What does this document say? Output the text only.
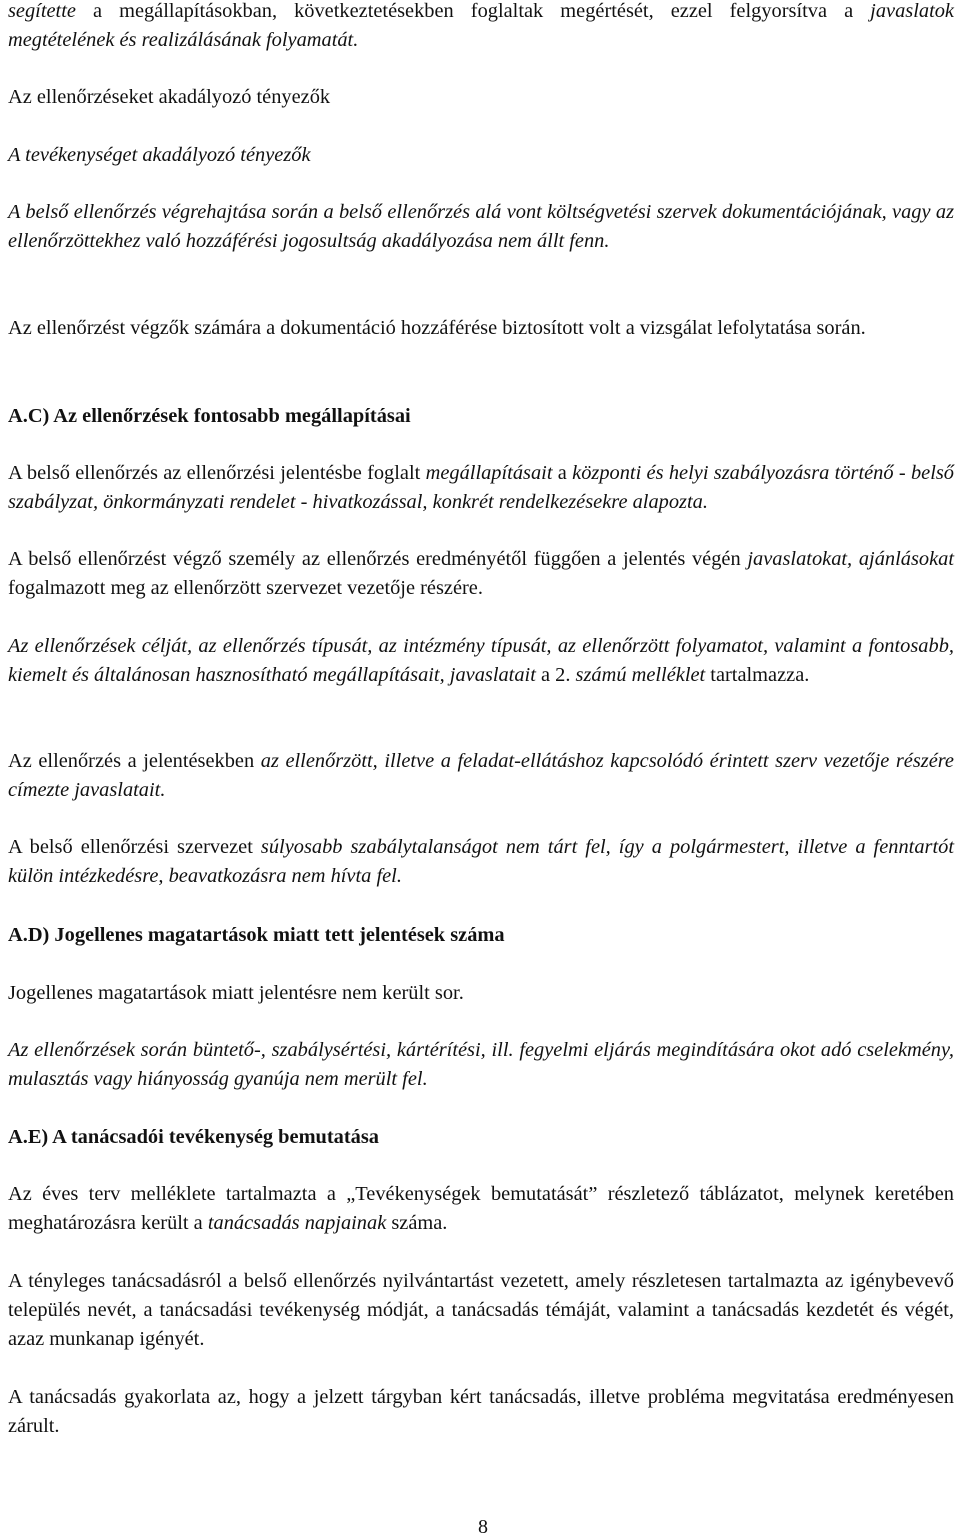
segítette a megállapításokban, következtetésekben foglaltak megértését, ezzel felgyorsítva a javaslatok megtételének és realizálásának folyamatát.

Az ellenőrzéseket akadályozó tényezők

A tevékenységet akadályozó tényezők

A belső ellenőrzés végrehajtása során a belső ellenőrzés alá vont költségvetési szervek dokumentációjának, vagy az ellenőrzöttekhez való hozzáférési jogosultság akadályozása nem állt fenn.

Az ellenőrzést végzők számára a dokumentáció hozzáférése biztosított volt a vizsgálat lefolytatása során.

A.C) Az ellenőrzések fontosabb megállapításai

A belső ellenőrzés az ellenőrzési jelentésbe foglalt megállapításait a központi és helyi szabályozásra történő - belső szabályzat, önkormányzati rendelet - hivatkozással, konkrét rendelkezésekre alapozta.

A belső ellenőrzést végző személy az ellenőrzés eredményétől függően a jelentés végén javaslatokat, ajánlásokat fogalmazott meg az ellenőrzött szervezet vezetője részére.

Az ellenőrzések célját, az ellenőrzés típusát, az intézmény típusát, az ellenőrzött folyamatot, valamint a fontosabb, kiemelt és általánosan hasznosítható megállapításait, javaslatait a 2. számú melléklet tartalmazza.

Az ellenőrzés a jelentésekben az ellenőrzött, illetve a feladat-ellátáshoz kapcsolódó érintett szerv vezetője részére címezte javaslatait.

A belső ellenőrzési szervezet súlyosabb szabálytalanságot nem tárt fel, így a polgármestert, illetve a fenntartót külön intézkedésre, beavatkozásra nem hívta fel.

A.D) Jogellenes magatartások miatt tett jelentések száma

Jogellenes magatartások miatt jelentésre nem került sor.

Az ellenőrzések során büntető-, szabálysértési, kártérítési, ill. fegyelmi eljárás megindítására okot adó cselekmény, mulasztás vagy hiányosság gyanúja nem merült fel.

A.E) A tanácsadói tevékenység bemutatása

Az éves terv melléklete tartalmazta a „Tevékenységek bemutatását” részletező táblázatot, melynek keretében meghatározásra került a tanácsadás napjainak száma.

A tényleges tanácsadásról a belső ellenőrzés nyilvántartást vezetett, amely részletesen tartalmazta az igénybevevő település nevét, a tanácsadási tevékenység módját, a tanácsadás témáját, valamint a tanácsadás kezdetét és végét, azaz munkanap igényét.

A tanácsadás gyakorlata az, hogy a jelzett tárgyban kért tanácsadás, illetve probléma megvitatása eredményesen zárult.

8
